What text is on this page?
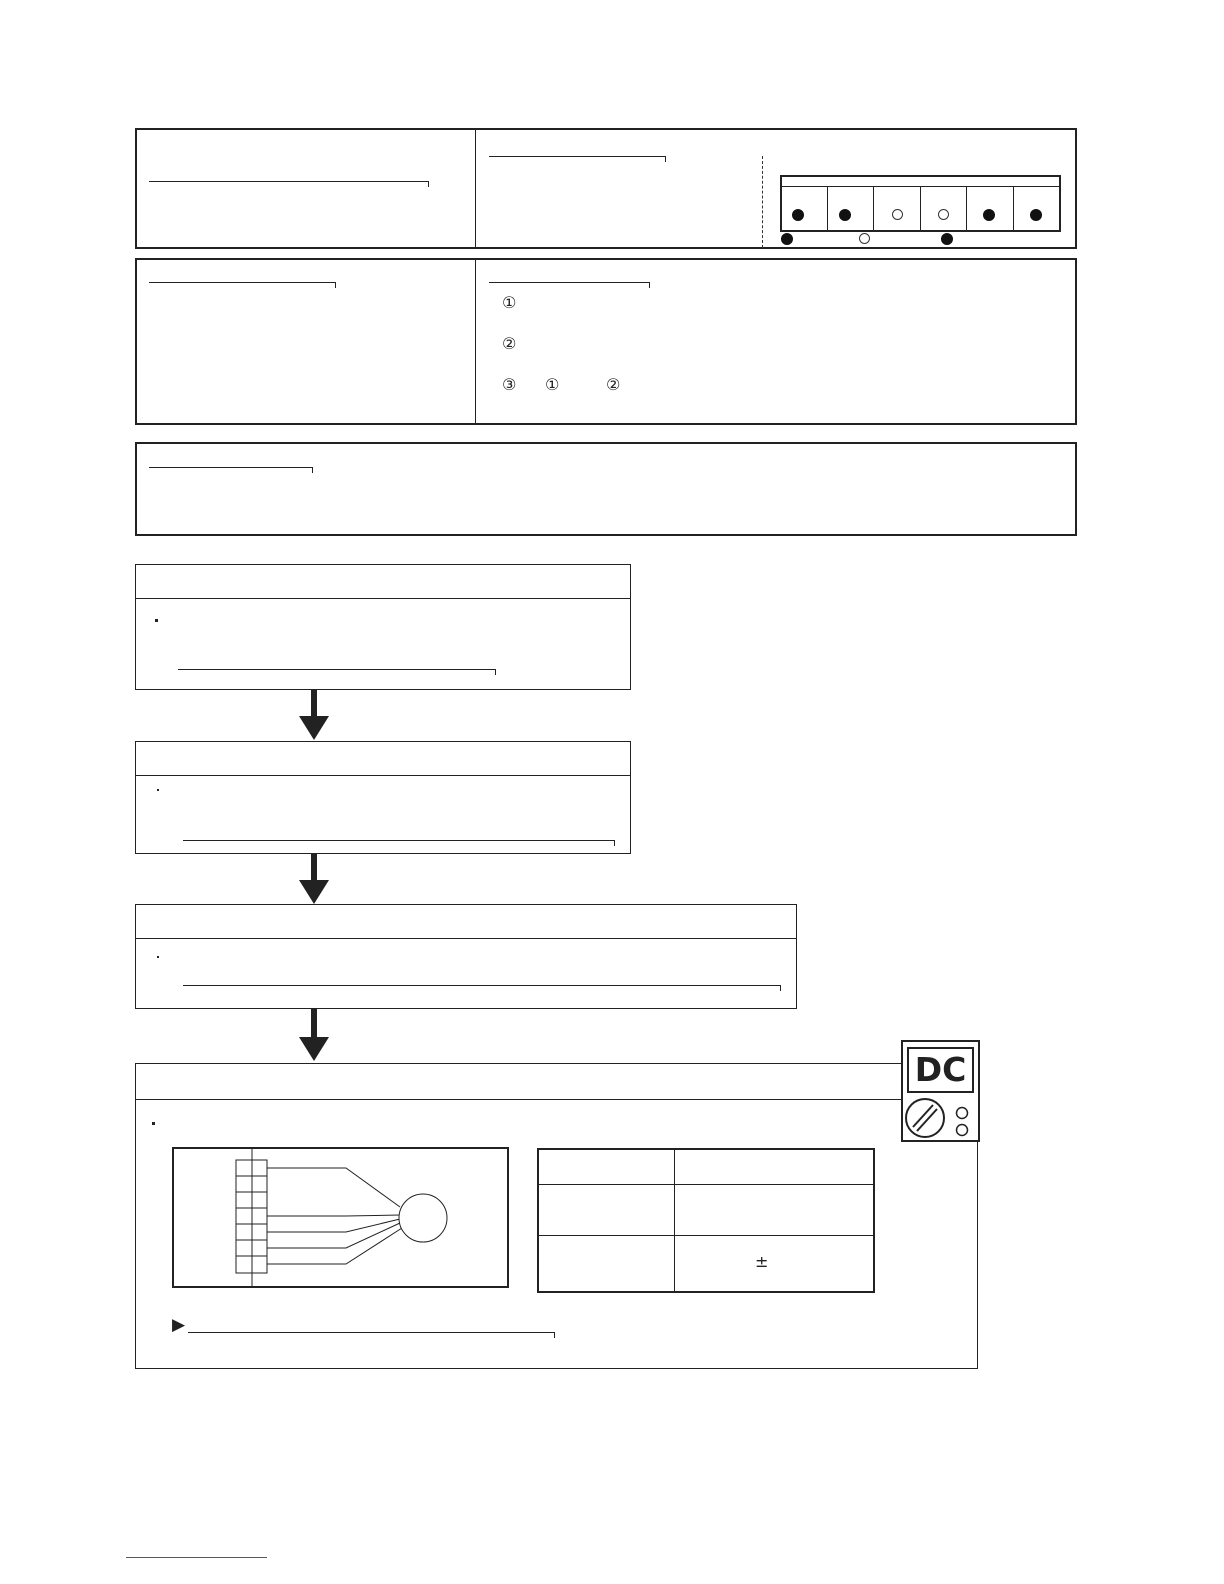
①
②
③ ①	②
DC
±
▶
